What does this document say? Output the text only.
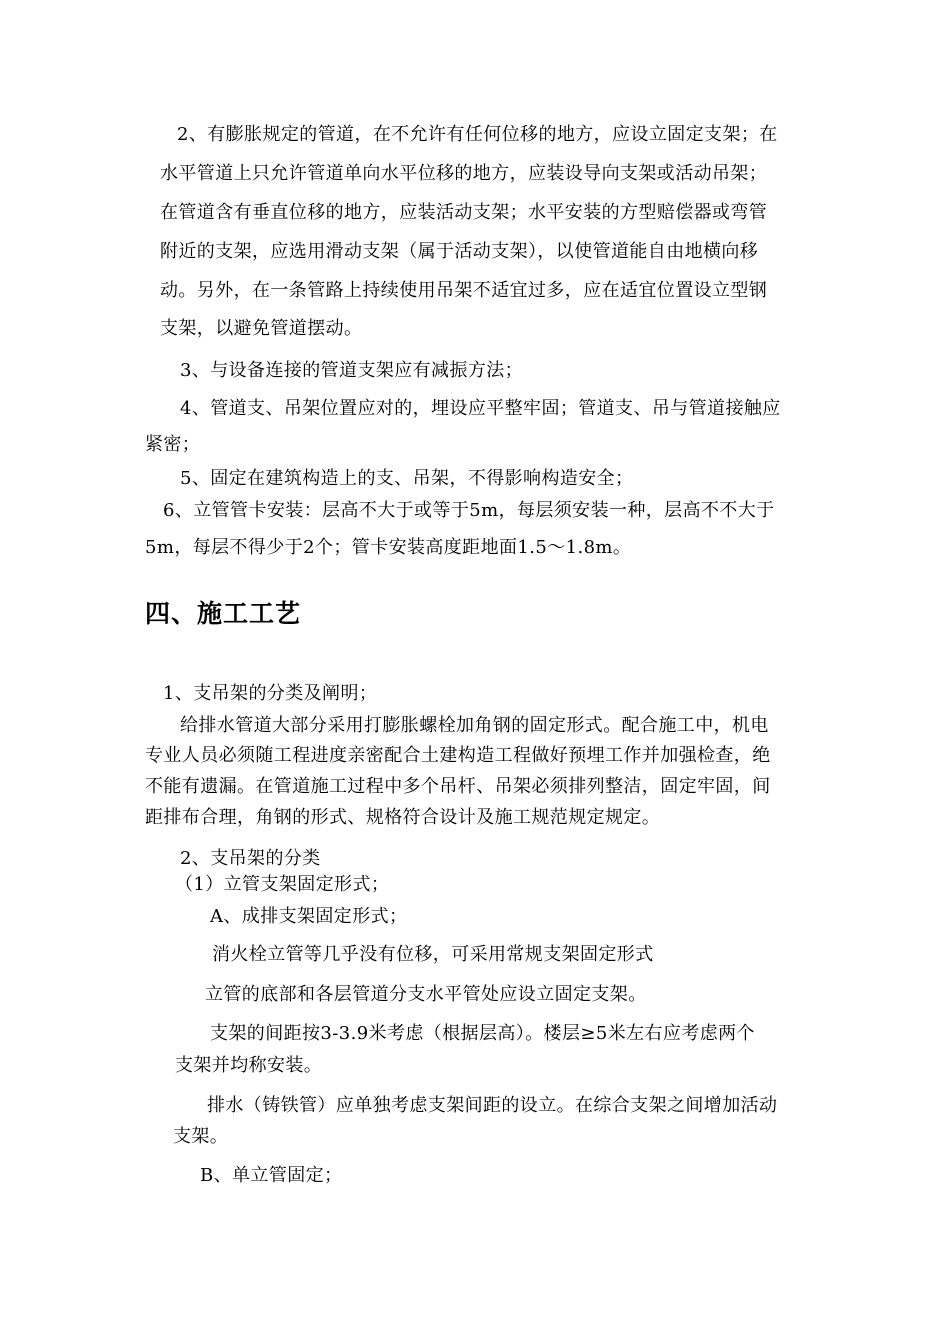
2、有膨胀规定的管道，在不允许有任何位移的地方，应设立固定支架；在
水平管道上只允许管道单向水平位移的地方，应装设导向支架或活动吊架；
在管道含有垂直位移的地方，应装活动支架；水平安装的方型赔偿器或弯管
附近的支架，应选用滑动支架（属于活动支架），以使管道能自由地横向移
动。另外，在一条管路上持续使用吊架不适宜过多，应在适宜位置设立型钢
支架，以避免管道摆动。
3、与设备连接的管道支架应有减振方法；
4、管道支、吊架位置应对的，埋设应平整牢固；管道支、吊与管道接触应
紧密；
5、固定在建筑构造上的支、吊架，不得影响构造安全；
6、立管管卡安装：层高不大于或等于5m，每层须安装一种，层高不不大于
5m，每层不得少于2个；管卡安装高度距地面1.5～1.8m。
四、施工工艺
1、支吊架的分类及阐明；
给排水管道大部分采用打膨胀螺栓加角钢的固定形式。配合施工中，机电
专业人员必须随工程进度亲密配合土建构造工程做好预埋工作并加强检查，绝
不能有遗漏。在管道施工过程中多个吊杆、吊架必须排列整洁，固定牢固，间
距排布合理，角钢的形式、规格符合设计及施工规范规定规定。
2、支吊架的分类
（1）立管支架固定形式；
A、成排支架固定形式；
消火栓立管等几乎没有位移，可采用常规支架固定形式
立管的底部和各层管道分支水平管处应设立固定支架。
支架的间距按3-3.9米考虑（根据层高）。楼层≥5米左右应考虑两个
支架并均称安装。
排水（铸铁管）应单独考虑支架间距的设立。在综合支架之间增加活动
支架。
B、单立管固定；
